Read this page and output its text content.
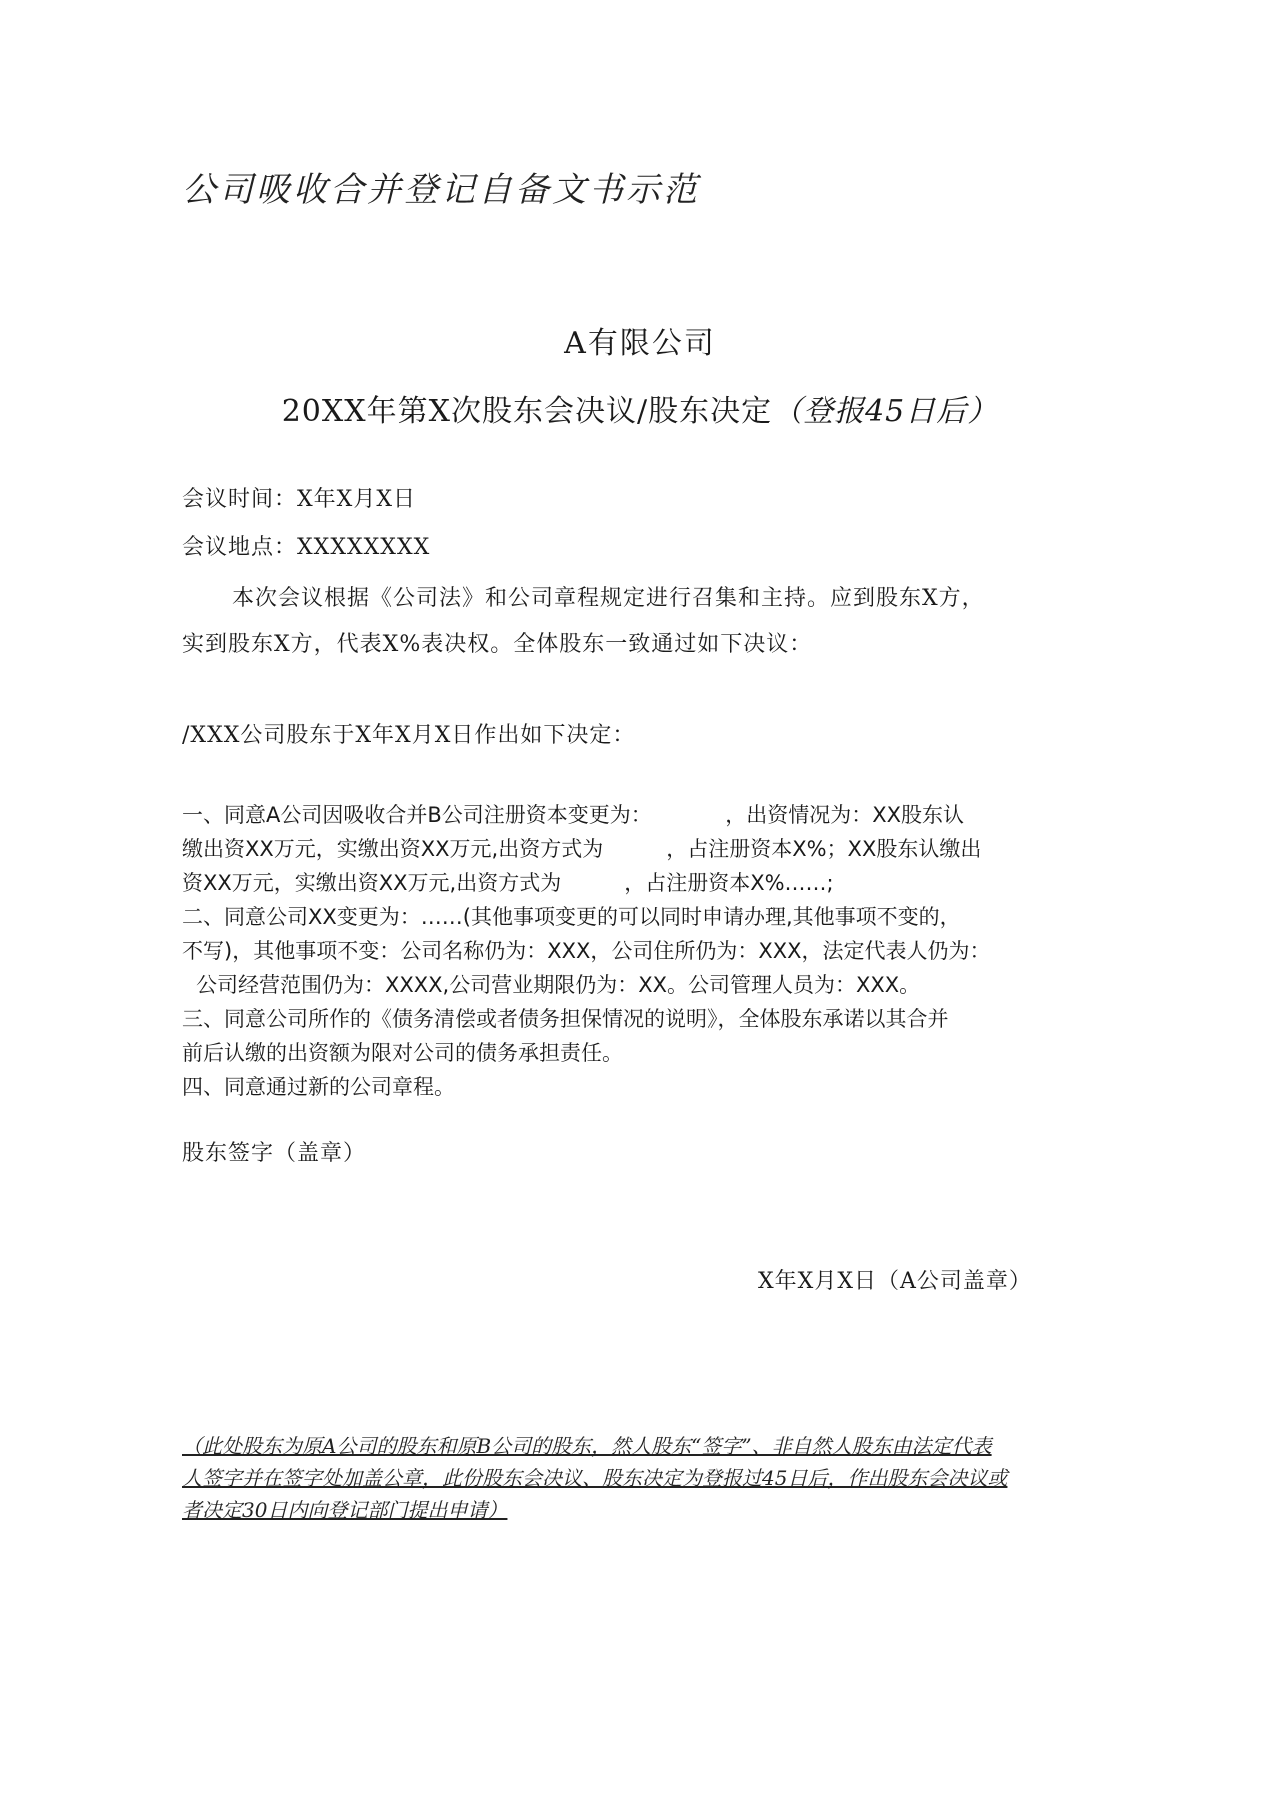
公司吸收合并登记自备文书示范
A有限公司
20XX年第X次股东会决议/股东决定（登报45日后）
会议时间：X年X月X日
会议地点：XXXXXXXX
本次会议根据《公司法》和公司章程规定进行召集和主持。应到股东X方，
实到股东X方，代表X%表决权。全体股东一致通过如下决议：
/XXX公司股东于X年X月X日作出如下决定：
一、同意A公司因吸收合并B公司注册资本变更为：　　　　，出资情况为：XX股东认
缴出资XX万元，实缴出资XX万元,出资方式为　　　，占注册资本X%；XX股东认缴出
资XX万元，实缴出资XX万元,出资方式为　　　，占注册资本X%……;
二、同意公司XX变更为：……(其他事项变更的可以同时申请办理,其他事项不变的，
不写)，其他事项不变：公司名称仍为：XXX，公司住所仍为：XXX，法定代表人仍为：
公司经营范围仍为：XXXX,公司营业期限仍为：XX。公司管理人员为：XXX。
三、同意公司所作的《债务清偿或者债务担保情况的说明》，全体股东承诺以其合并
前后认缴的出资额为限对公司的债务承担责任。
四、同意通过新的公司章程。
股东签字（盖章）
X年X月X日（A公司盖章）
（此处股东为原A公司的股东和原B公司的股东，然人股东“签字”、非自然人股东由法定代表
人签字并在签字处加盖公章，此份股东会决议、股东决定为登报过45日后，作出股东会决议或
者决定30日内向登记部门提出申请）
